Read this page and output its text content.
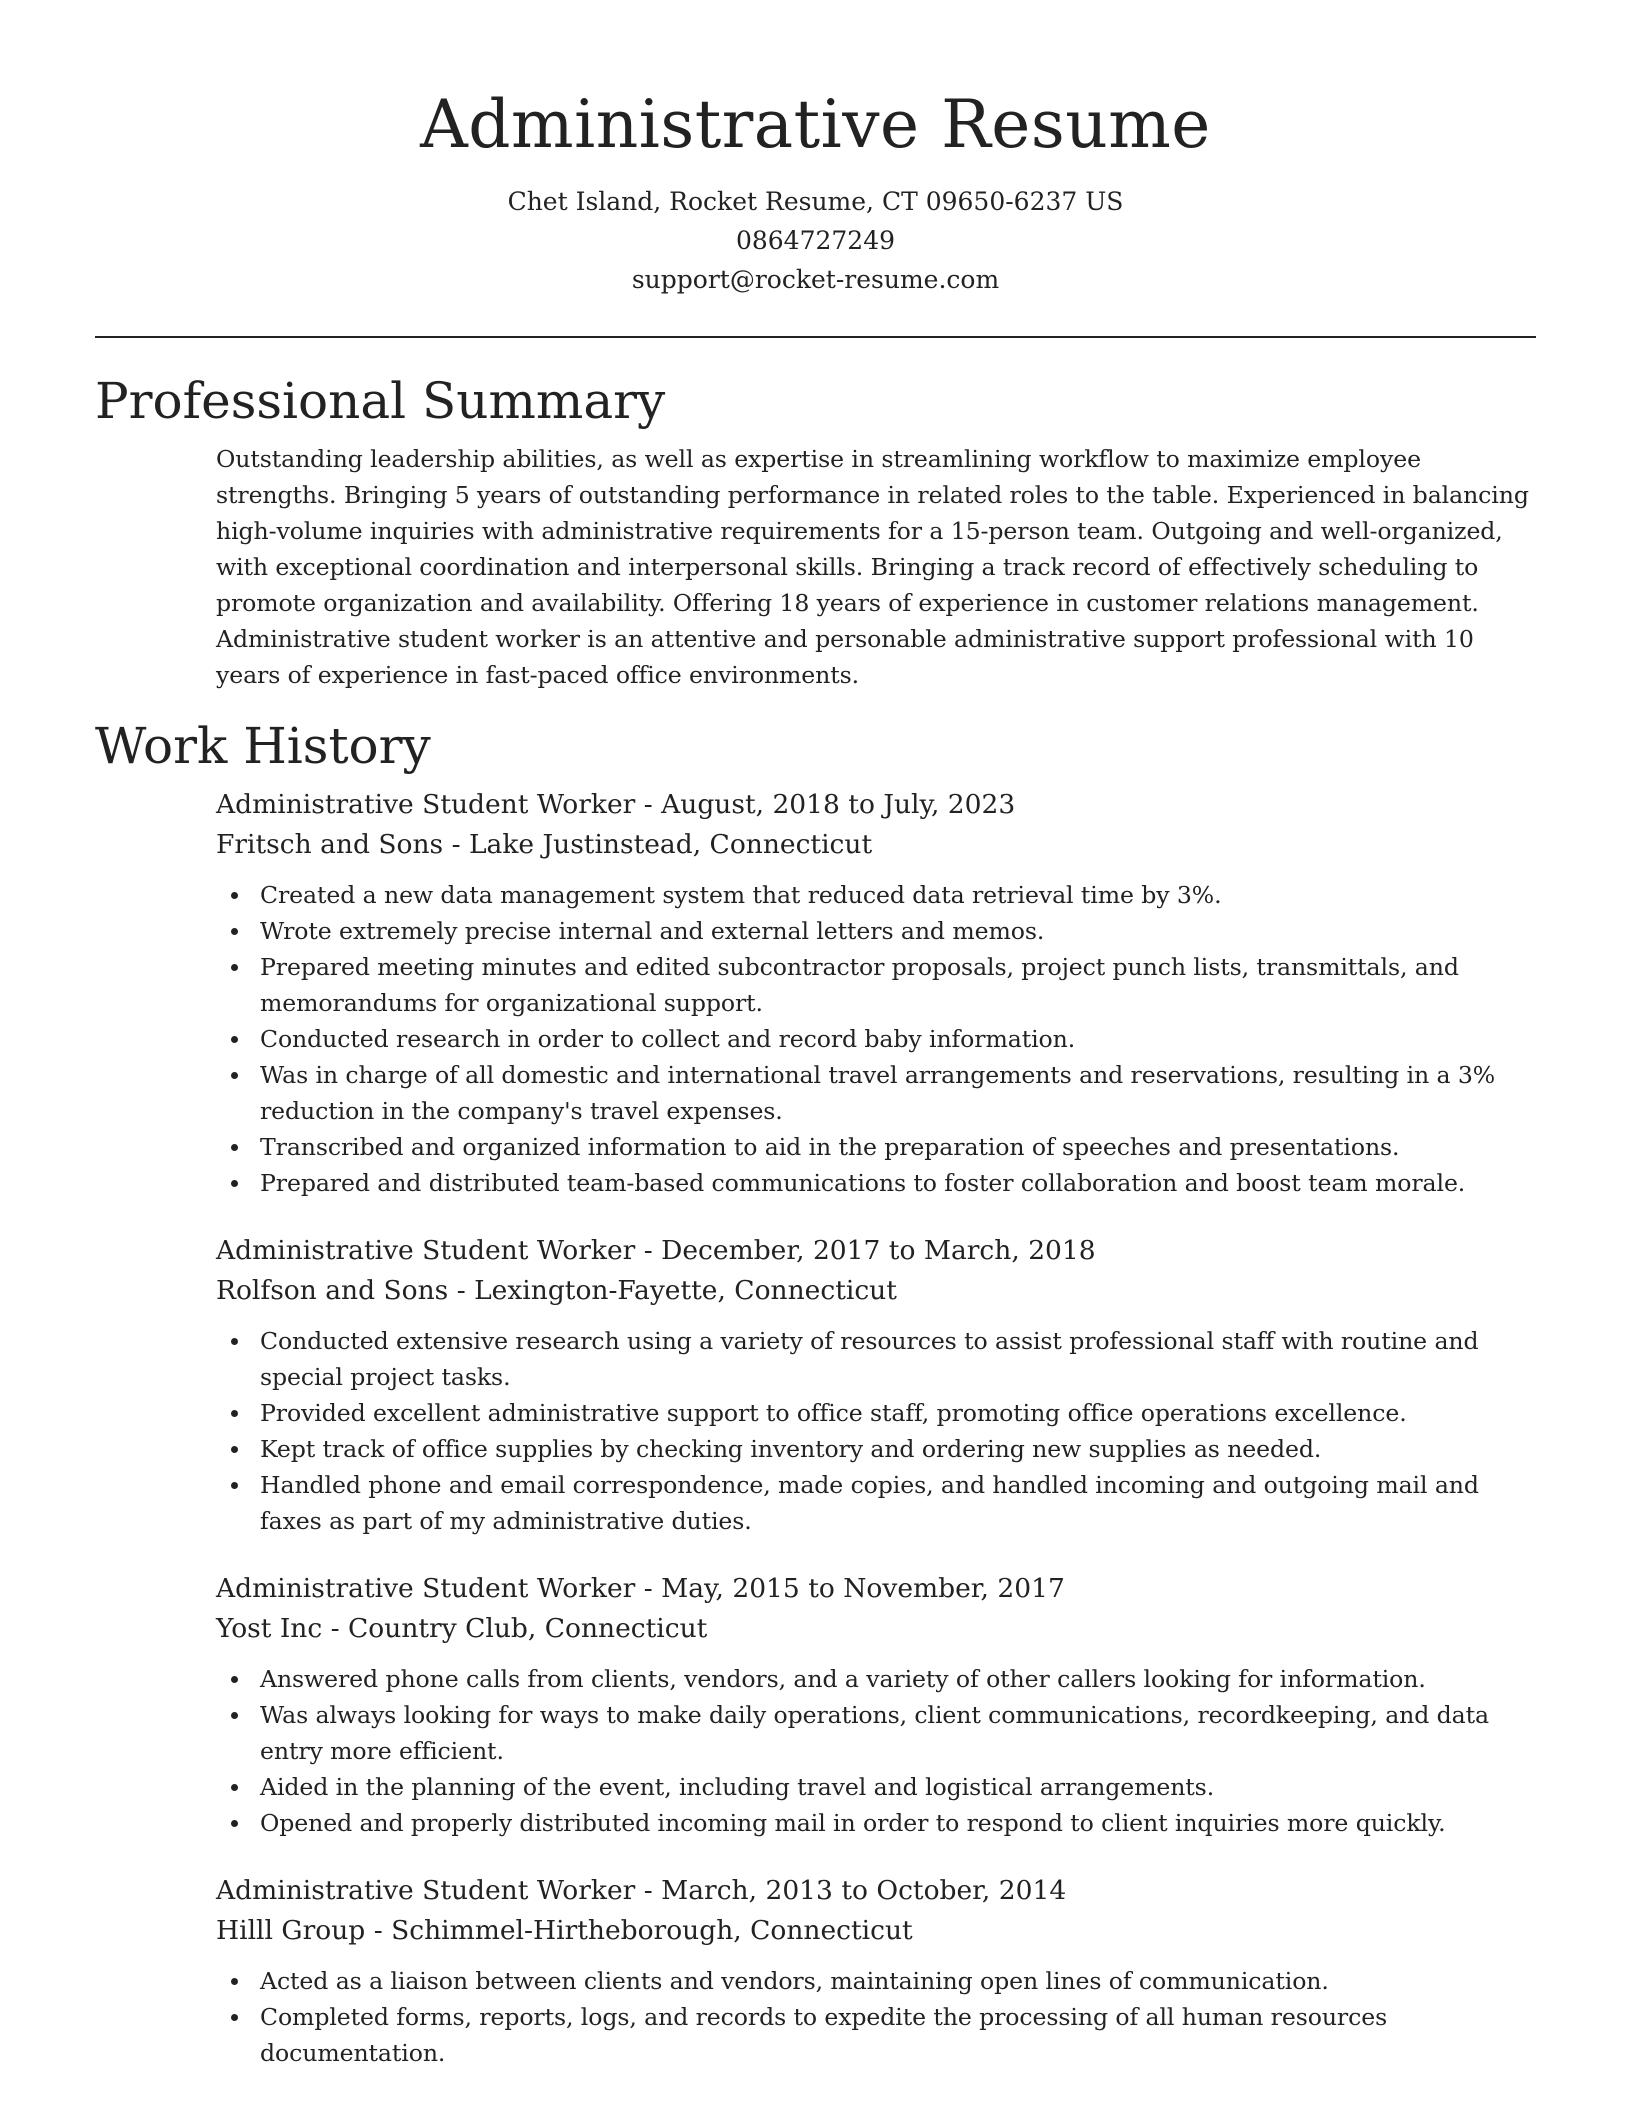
Administrative Resume
Chet Island, Rocket Resume, CT 09650-6237 US
0864727249
support@rocket-resume.com
Professional Summary

Outstanding leadership abilities, as well as expertise in streamlining workflow to maximize employee strengths. Bringing 5 years of outstanding performance in related roles to the table. Experienced in balancing high-volume inquiries with administrative requirements for a 15-person team. Outgoing and well-organized, with exceptional coordination and interpersonal skills. Bringing a track record of effectively scheduling to promote organization and availability. Offering 18 years of experience in customer relations management. Administrative student worker is an attentive and personable administrative support professional with 10 years of experience in fast-paced office environments.

Work History

Administrative Student Worker - August, 2018 to July, 2023

Fritsch and Sons - Lake Justinstead, Connecticut

Created a new data management system that reduced data retrieval time by 3%.
Wrote extremely precise internal and external letters and memos.
Prepared meeting minutes and edited subcontractor proposals, project punch lists, transmittals, and memorandums for organizational support.
Conducted research in order to collect and record baby information.
Was in charge of all domestic and international travel arrangements and reservations, resulting in a 3% reduction in the company's travel expenses.
Transcribed and organized information to aid in the preparation of speeches and presentations.
Prepared and distributed team-based communications to foster collaboration and boost team morale.

Administrative Student Worker - December, 2017 to March, 2018

Rolfson and Sons - Lexington-Fayette, Connecticut

Conducted extensive research using a variety of resources to assist professional staff with routine and special project tasks.
Provided excellent administrative support to office staff, promoting office operations excellence.
Kept track of office supplies by checking inventory and ordering new supplies as needed.
Handled phone and email correspondence, made copies, and handled incoming and outgoing mail and faxes as part of my administrative duties.

Administrative Student Worker - May, 2015 to November, 2017

Yost Inc - Country Club, Connecticut

Answered phone calls from clients, vendors, and a variety of other callers looking for information.
Was always looking for ways to make daily operations, client communications, recordkeeping, and data entry more efficient.
Aided in the planning of the event, including travel and logistical arrangements.
Opened and properly distributed incoming mail in order to respond to client inquiries more quickly.

Administrative Student Worker - March, 2013 to October, 2014

Hilll Group - Schimmel-Hirtheborough, Connecticut

Acted as a liaison between clients and vendors, maintaining open lines of communication.
Completed forms, reports, logs, and records to expedite the processing of all human resources documentation.
